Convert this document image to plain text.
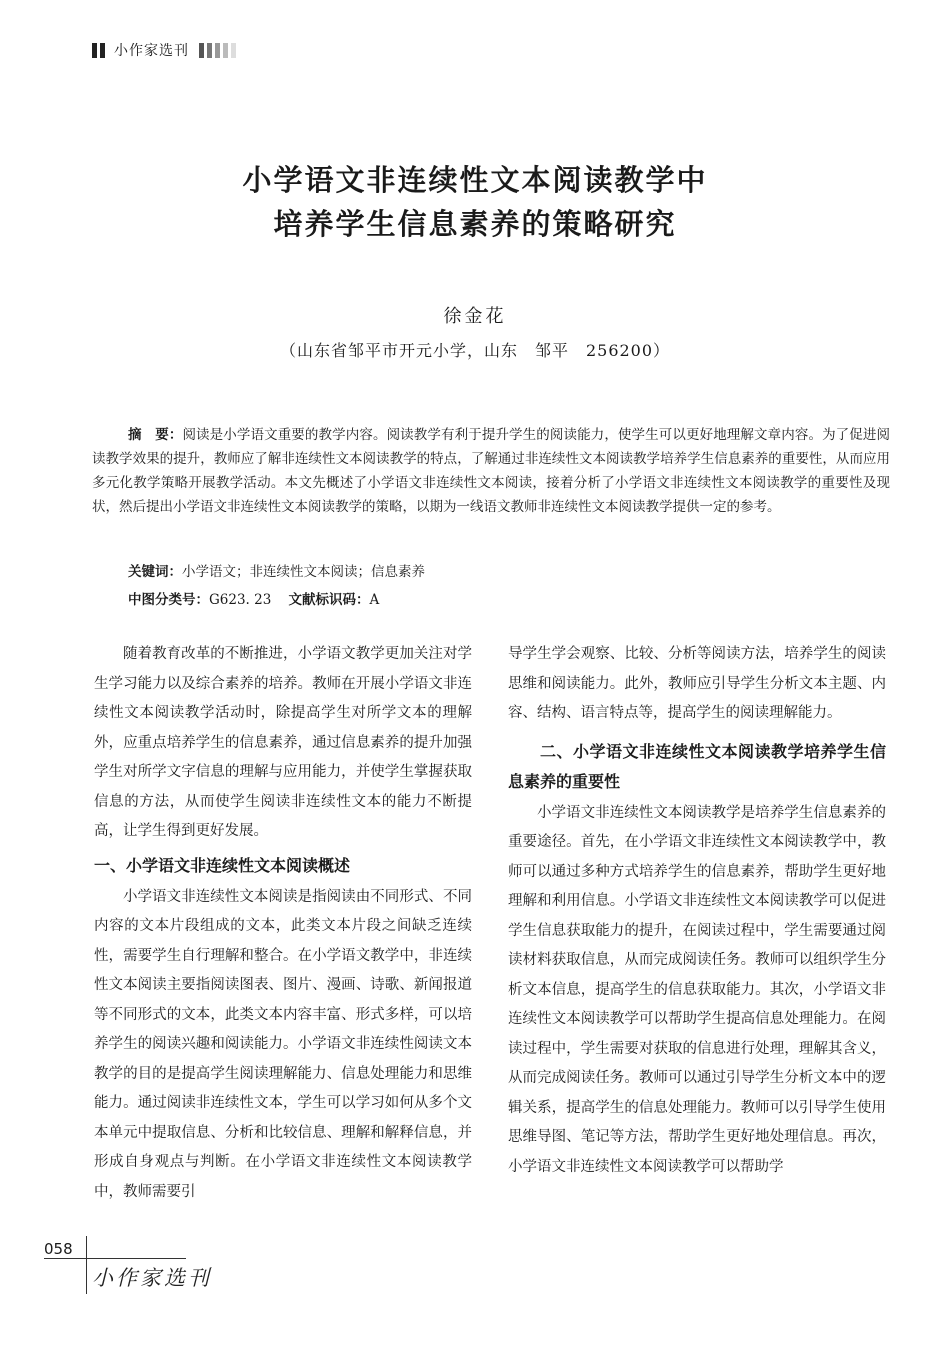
小作家选刊
小学语文非连续性文本阅读教学中
培养学生信息素养的策略研究
徐金花
（山东省邹平市开元小学，山东　邹平　256200）
摘　要：阅读是小学语文重要的教学内容。阅读教学有利于提升学生的阅读能力，使学生可以更好地理解文章内容。为了促进阅读教学效果的提升，教师应了解非连续性文本阅读教学的特点，了解通过非连续性文本阅读教学培养学生信息素养的重要性，从而应用多元化教学策略开展教学活动。本文先概述了小学语文非连续性文本阅读，接着分析了小学语文非连续性文本阅读教学的重要性及现状，然后提出小学语文非连续性文本阅读教学的策略，以期为一线语文教师非连续性文本阅读教学提供一定的参考。
关键词：小学语文；非连续性文本阅读；信息素养
中图分类号：G623. 23 文献标识码：A

随着教育改革的不断推进，小学语文教学更加关注对学生学习能力以及综合素养的培养。教师在开展小学语文非连续性文本阅读教学活动时，除提高学生对所学文本的理解外，应重点培养学生的信息素养，通过信息素养的提升加强学生对所学文字信息的理解与应用能力，并使学生掌握获取信息的方法，从而使学生阅读非连续性文本的能力不断提高，让学生得到更好发展。

一、小学语文非连续性文本阅读概述

小学语文非连续性文本阅读是指阅读由不同形式、不同内容的文本片段组成的文本，此类文本片段之间缺乏连续性，需要学生自行理解和整合。在小学语文教学中，非连续性文本阅读主要指阅读图表、图片、漫画、诗歌、新闻报道等不同形式的文本，此类文本内容丰富、形式多样，可以培养学生的阅读兴趣和阅读能力。小学语文非连续性阅读文本教学的目的是提高学生阅读理解能力、信息处理能力和思维能力。通过阅读非连续性文本，学生可以学习如何从多个文本单元中提取信息、分析和比较信息、理解和解释信息，并形成自身观点与判断。在小学语文非连续性文本阅读教学中，教师需要引

导学生学会观察、比较、分析等阅读方法，培养学生的阅读思维和阅读能力。此外，教师应引导学生分析文本主题、内容、结构、语言特点等，提高学生的阅读理解能力。

二、小学语文非连续性文本阅读教学培养学生信息素养的重要性

小学语文非连续性文本阅读教学是培养学生信息素养的重要途径。首先，在小学语文非连续性文本阅读教学中，教师可以通过多种方式培养学生的信息素养，帮助学生更好地理解和利用信息。小学语文非连续性文本阅读教学可以促进学生信息获取能力的提升，在阅读过程中，学生需要通过阅读材料获取信息，从而完成阅读任务。教师可以组织学生分析文本信息，提高学生的信息获取能力。其次，小学语文非连续性文本阅读教学可以帮助学生提高信息处理能力。在阅读过程中，学生需要对获取的信息进行处理，理解其含义，从而完成阅读任务。教师可以通过引导学生分析文本中的逻辑关系，提高学生的信息处理能力。教师可以引导学生使用思维导图、笔记等方法，帮助学生更好地处理信息。再次，小学语文非连续性文本阅读教学可以帮助学

058
小作家选刊
